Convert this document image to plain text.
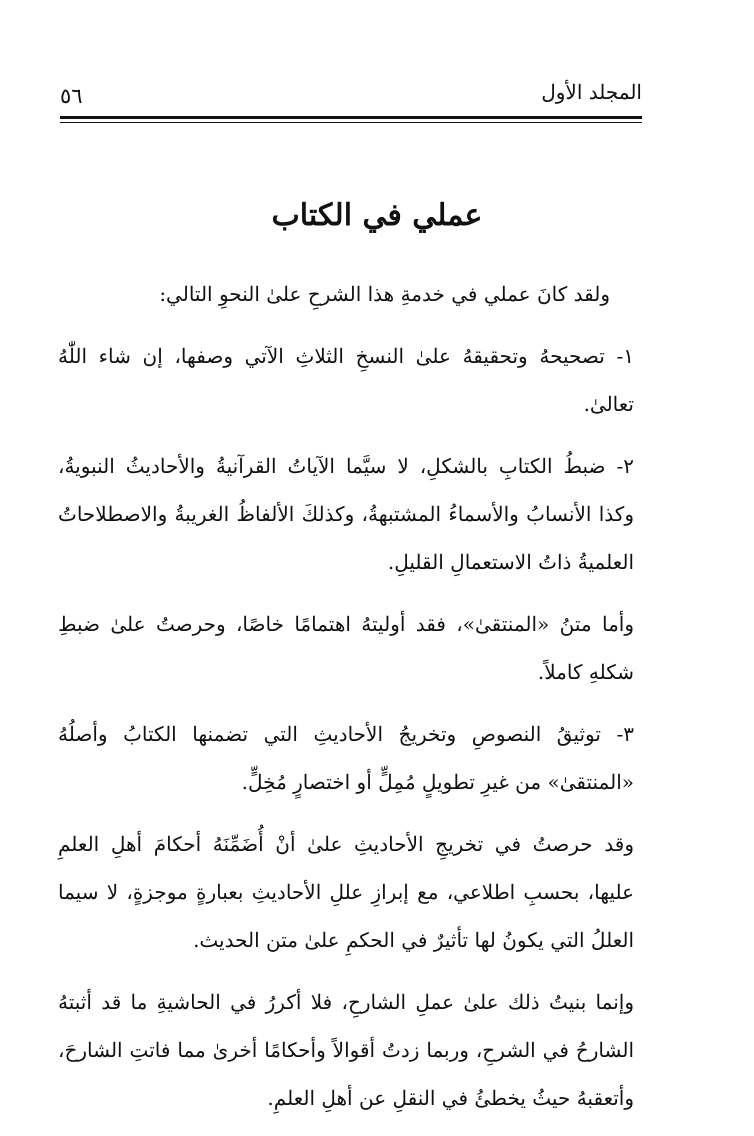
٥٦	المجلد الأول
عملي في الكتاب

ولقد كانَ عملي في خدمةِ هذا الشرحِ علىٰ النحوِ التالي:

١- تصحيحهُ وتحقيقهُ علىٰ النسخِ الثلاثِ الآتي وصفها، إن شاء اللّٰهُ تعالىٰ.

٢- ضبطُ الكتابِ بالشكلِ، لا سيَّما الآياتُ القرآنيةُ والأحاديثُ النبويةُ، وكذا الأنسابُ والأسماءُ المشتبهةُ، وكذلكَ الألفاظُ الغريبةُ والاصطلاحاتُ العلميةُ ذاتُ الاستعمالِ القليلِ.

وأما متنُ «المنتقىٰ»، فقد أوليتهُ اهتمامًا خاصًا، وحرصتُ علىٰ ضبطِ شكلهِ كاملاً.

٣- توثيقُ النصوصِ وتخريجُ الأحاديثِ التي تضمنها الكتابُ وأصلُهُ «المنتقىٰ» من غيرِ تطويلٍ مُمِلٍّ أو اختصارٍ مُخِلٍّ.

وقد حرصتُ في تخريجِ الأحاديثِ علىٰ أنْ أُضَمِّنَهُ أحكامَ أهلِ العلمِ عليها، بحسبِ اطلاعي، مع إبرازِ عللِ الأحاديثِ بعبارةٍ موجزةٍ، لا سيما العللُ التي يكونُ لها تأثيرٌ في الحكمِ علىٰ متن الحديث.

وإنما بنيتُ ذلك علىٰ عملِ الشارحِ، فلا أكررُ في الحاشيةِ ما قد أثبتهُ الشارحُ في الشرحِ، وربما زدتُ أقوالاً وأحكامًا أخرىٰ مما فاتتِ الشارحَ، وأتعقبهُ حيثُ يخطئُ في النقلِ عن أهلِ العلمِ.
